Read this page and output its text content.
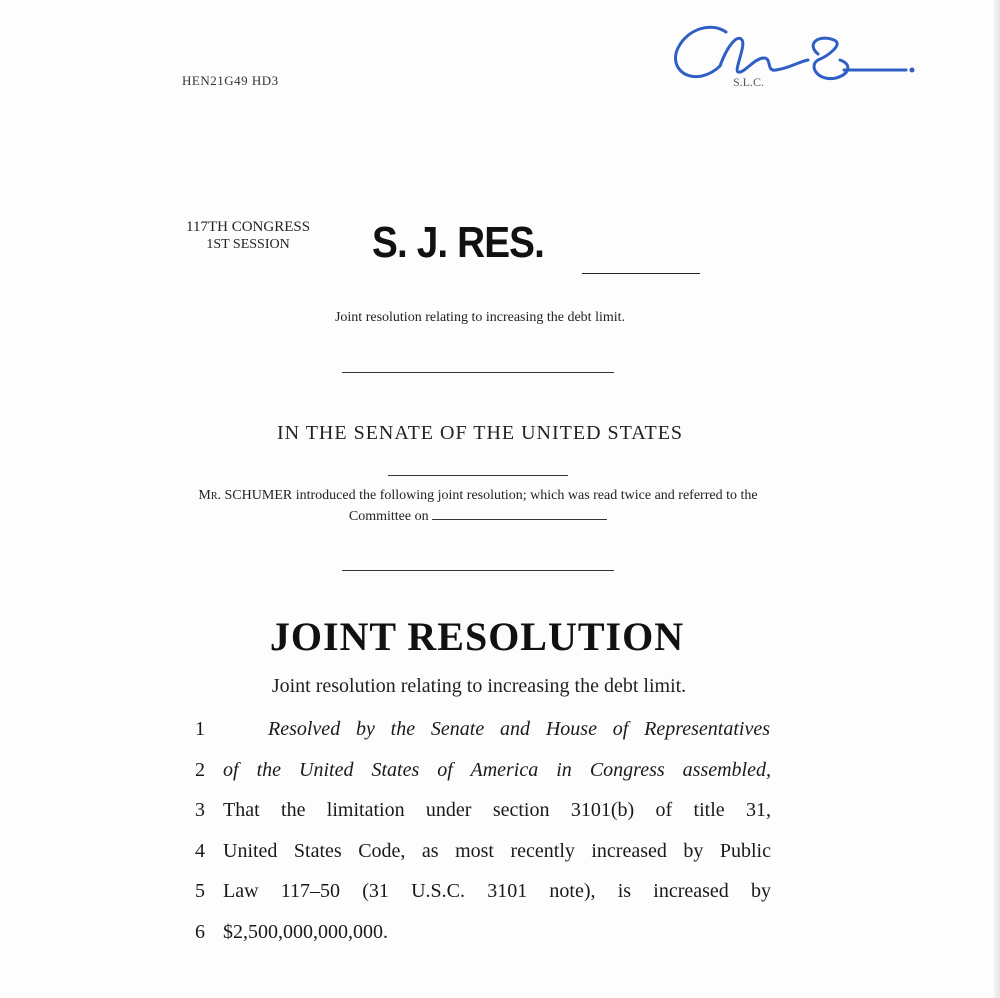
HEN21G49 HD3	S.L.C.
117TH CONGRESS
1ST SESSION	S. J. RES.
Joint resolution relating to increasing the debt limit.
IN THE SENATE OF THE UNITED STATES
Mr. SCHUMER introduced the following joint resolution; which was read twice and referred to the Committee on
JOINT RESOLUTION
Joint resolution relating to increasing the debt limit.
1	Resolved by the Senate and House of Representatives
2 of the United States of America in Congress assembled,
3 That the limitation under section 3101(b) of title 31,
4 United States Code, as most recently increased by Public
5 Law 117–50 (31 U.S.C. 3101 note), is increased by
6 $2,500,000,000,000.
